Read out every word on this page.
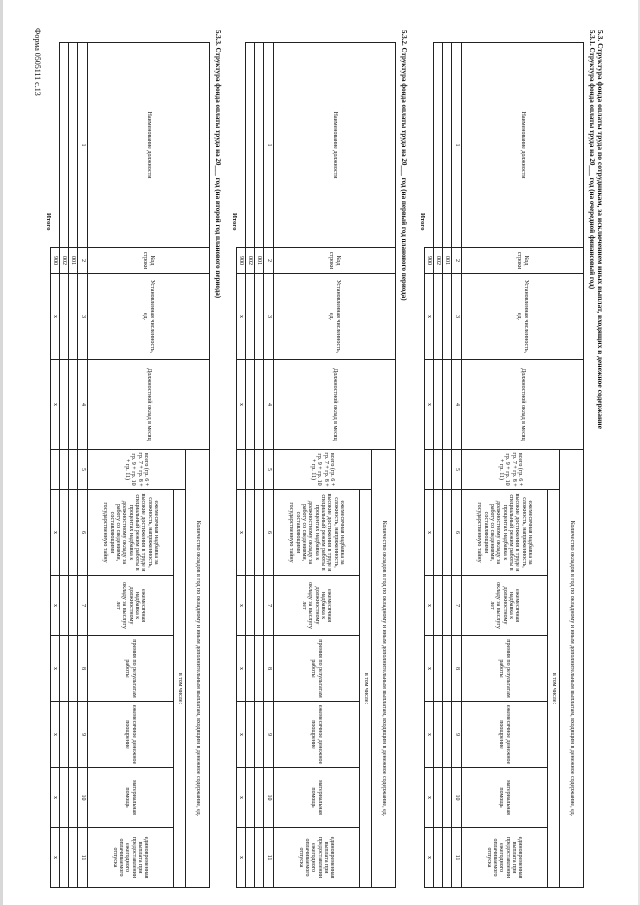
Форма 0505111 с.13	5.3. Структура фонда оплаты труда по сотрудникам, за исключением иных выплат, входящих в денежное содержание
5.3.1. Структура фонда оплаты труда на 20___ год (на очередной финансовый год)
Наименование должности	Код строки	Установленная численность, ед.	Должностной оклад в месяц	Количество окладов в год по окладному и иным дополнительным выплатам, входящим в денежное содержание, ед.						
				всего (гр. 6 + гр. 7 + гр. 8 + гр. 9 + гр. 10 + гр. 11)	в том числе:					
					ежемесячная надбавка за сложность, напряженность, высокие достижения в труде и специальный режим работы в процентах надбавка к должностному окладу за работу со сведениями, составляющими государственную тайну	ежемесячная надбавка к должностному окладу за выслугу лет	премия по результатам работы	ежемесячное денежное поощрение	материальная помощь	единовременная выплата при предоставлении ежегодного оплачиваемого отпуска
1	2	3	4	5	6	7	8	9	10	11
	001									
	002									
	900	x	x		x	x	x	x	x	x
Итого
5.3.2. Структура фонда оплаты труда на 20___ год (на первый год планового периода)
Наименование должности	Код строки	Установленная численность, ед.	Должностной оклад в месяц	Количество окладов в год по окладному и иным дополнительным выплатам, входящим в денежное содержание, ед.						
				всего (гр. 6 + гр. 7 + гр. 8 + гр. 9 + гр. 10 + гр. 11)	в том числе:					
					ежемесячная надбавка за сложность, напряженность, высокие достижения в труде и специальный режим работы в процентах надбавка к должностному окладу за работу со сведениями, составляющими государственную тайну	ежемесячная надбавка к должностному окладу за выслугу лет	премия по результатам работы	ежемесячное денежное поощрение	материальная помощь	единовременная выплата при предоставлении ежегодного оплачиваемого отпуска
1	2	3	4	5	6	7	8	9	10	11
	001									
	002									
	900	x	x		x	x	x	x	x	x
Итого
5.3.3. Структура фонда оплаты труда на 20___ год (на второй год планового периода)
Наименование должности	Код строки	Установленная численность, ед.	Должностной оклад в месяц	Количество окладов в год по окладному и иным дополнительным выплатам, входящим в денежное содержание, ед.						
				всего (гр. 6 + гр. 7 + гр. 8 + гр. 9 + гр. 10 + гр. 11)	в том числе:					
					ежемесячная надбавка за сложность, напряженность, высокие достижения в труде и специальный режим работы в процентах надбавка к должностному окладу за работу со сведениями, составляющими государственную тайну	ежемесячная надбавка к должностному окладу за выслугу лет	премия по результатам работы	ежемесячное денежное поощрение	материальная помощь	единовременная выплата при предоставлении ежегодного оплачиваемого отпуска
1	2	3	4	5	6	7	8	9	10	11
	001									
	002									
	900	x	x		x	x	x	x	x	x
Итого
